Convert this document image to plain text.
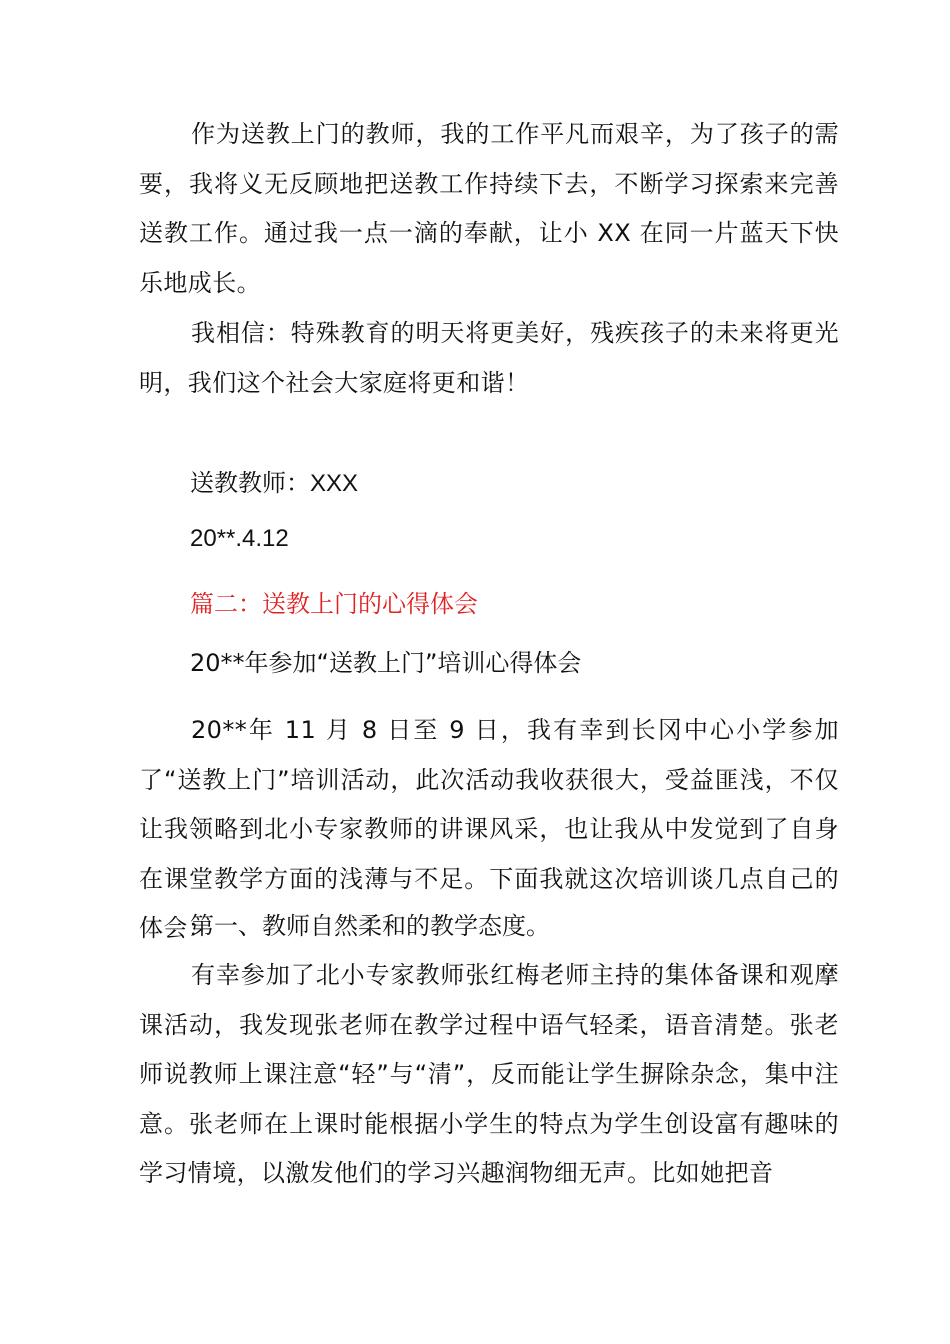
作为送教上门的教师，我的工作平凡而艰辛，为了孩子的需要，我将义无反顾地把送教工作持续下去，不断学习探索来完善送教工作。通过我一点一滴的奉献，让小 XX 在同一片蓝天下快乐地成长。

我相信：特殊教育的明天将更美好，残疾孩子的未来将更光明，我们这个社会大家庭将更和谐！

送教教师：XXX

20**.4.12

篇二：送教上门的心得体会

20**年参加“送教上门”培训心得体会

20**年 11 月 8 日至 9 日，我有幸到长冈中心小学参加了“送教上门”培训活动，此次活动我收获很大，受益匪浅，不仅让我领略到北小专家教师的讲课风采，也让我从中发觉到了自身在课堂教学方面的浅薄与不足。下面我就这次培训谈几点自己的体会：

第一、教师自然柔和的教学态度。

有幸参加了北小专家教师张红梅老师主持的集体备课和观摩课活动，我发现张老师在教学过程中语气轻柔，语音清楚。张老师说教师上课注意“轻”与“清”，反而能让学生摒除杂念，集中注意。张老师在上课时能根据小学生的特点为学生创设富有趣味的学习情境，以激发他们的学习兴趣润物细无声。比如她把音
